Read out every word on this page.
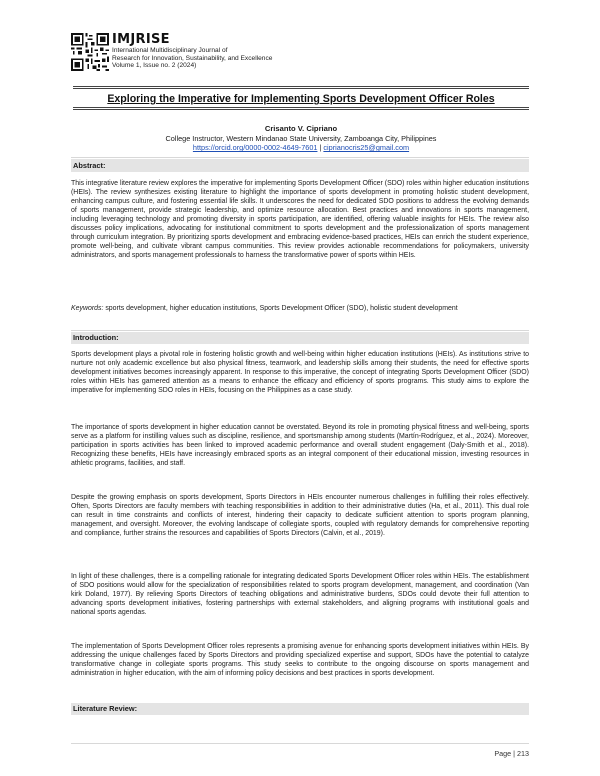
IMJRISE
International Multidisciplinary Journal of
Research for Innovation, Sustainability, and Excellence
Volume 1, Issue no. 2 (2024)
Exploring the Imperative for Implementing Sports Development Officer Roles
Crisanto V. Cipriano
College Instructor, Western Mindanao State University, Zamboanga City, Philippines
https://orcid.org/0000-0002-4649-7601 | ciprianocris25@gmail.com
Abstract:

This integrative literature review explores the imperative for implementing Sports Development Officer (SDO) roles within higher education institutions (HEIs). The review synthesizes existing literature to highlight the importance of sports development in promoting holistic student development, enhancing campus culture, and fostering essential life skills. It underscores the need for dedicated SDO positions to address the evolving demands of sports management, provide strategic leadership, and optimize resource allocation. Best practices and innovations in sports management, including leveraging technology and promoting diversity in sports participation, are identified, offering valuable insights for HEIs. The review also discusses policy implications, advocating for institutional commitment to sports development and the professionalization of sports management through curriculum integration. By prioritizing sports development and embracing evidence-based practices, HEIs can enrich the student experience, promote well-being, and cultivate vibrant campus communities. This review provides actionable recommendations for policymakers, university administrators, and sports management professionals to harness the transformative power of sports within HEIs.

Keywords: sports development, higher education institutions, Sports Development Officer (SDO), holistic student development
Introduction:

Sports development plays a pivotal role in fostering holistic growth and well-being within higher education institutions (HEIs). As institutions strive to nurture not only academic excellence but also physical fitness, teamwork, and leadership skills among their students, the need for effective sports development initiatives becomes increasingly apparent. In response to this imperative, the concept of integrating Sports Development Officer (SDO) roles within HEIs has garnered attention as a means to enhance the efficacy and efficiency of sports programs. This study aims to explore the imperative for implementing SDO roles in HEIs, focusing on the Philippines as a case study.

The importance of sports development in higher education cannot be overstated. Beyond its role in promoting physical fitness and well-being, sports serve as a platform for instilling values such as discipline, resilience, and sportsmanship among students (Martín-Rodríguez, et al., 2024). Moreover, participation in sports activities has been linked to improved academic performance and overall student engagement (Daly-Smith et al., 2018). Recognizing these benefits, HEIs have increasingly embraced sports as an integral component of their educational mission, investing resources in athletic programs, facilities, and staff.

Despite the growing emphasis on sports development, Sports Directors in HEIs encounter numerous challenges in fulfilling their roles effectively. Often, Sports Directors are faculty members with teaching responsibilities in addition to their administrative duties (Ha, et al., 2011). This dual role can result in time constraints and conflicts of interest, hindering their capacity to dedicate sufficient attention to sports program planning, management, and oversight. Moreover, the evolving landscape of collegiate sports, coupled with regulatory demands for comprehensive reporting and compliance, further strains the resources and capabilities of Sports Directors (Calvin, et al., 2019).

In light of these challenges, there is a compelling rationale for integrating dedicated Sports Development Officer roles within HEIs. The establishment of SDO positions would allow for the specialization of responsibilities related to sports program development, management, and coordination (Van kirk Doland, 1977). By relieving Sports Directors of teaching obligations and administrative burdens, SDOs could devote their full attention to advancing sports development initiatives, fostering partnerships with external stakeholders, and aligning programs with institutional goals and national sports agendas.

The implementation of Sports Development Officer roles represents a promising avenue for enhancing sports development initiatives within HEIs. By addressing the unique challenges faced by Sports Directors and providing specialized expertise and support, SDOs have the potential to catalyze transformative change in collegiate sports programs. This study seeks to contribute to the ongoing discourse on sports management and administration in higher education, with the aim of informing policy decisions and best practices in sports development.

Literature Review:
Page | 213
